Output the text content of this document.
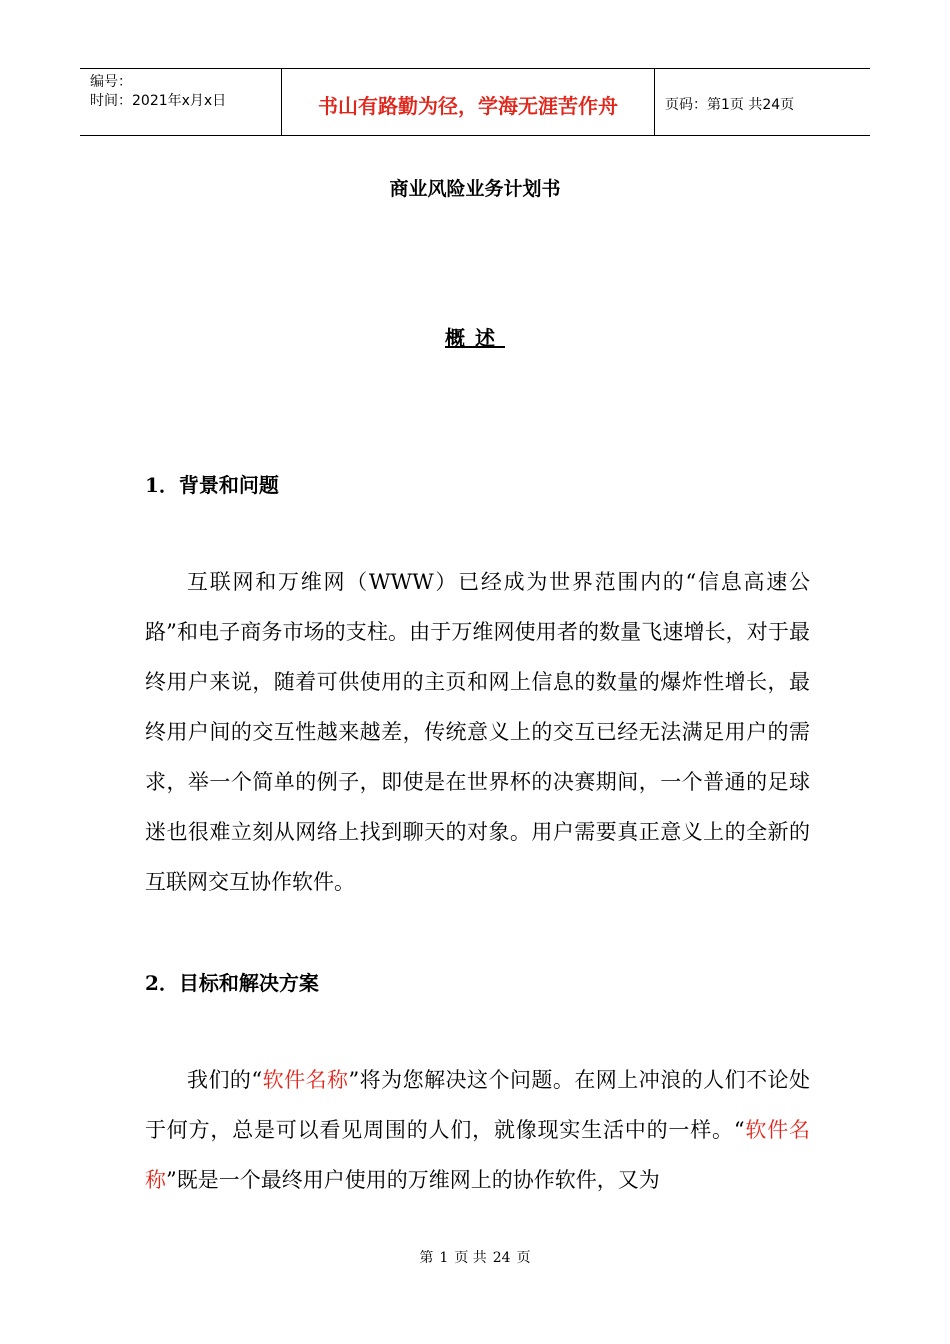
编号：
时间：2021年x月x日	书山有路勤为径，学海无涯苦作舟	页码：第1页 共24页
商业风险业务计划书
概述
1．背景和问题
互联网和万维网（WWW）已经成为世界范围内的“信息高速公路”和电子商务市场的支柱。由于万维网使用者的数量飞速增长，对于最终用户来说，随着可供使用的主页和网上信息的数量的爆炸性增长，最终用户间的交互性越来越差，传统意义上的交互已经无法满足用户的需求，举一个简单的例子，即使是在世界杯的决赛期间，一个普通的足球迷也很难立刻从网络上找到聊天的对象。用户需要真正意义上的全新的互联网交互协作软件。
2．目标和解决方案
我们的“软件名称”将为您解决这个问题。在网上冲浪的人们不论处于何方，总是可以看见周围的人们，就像现实生活中的一样。“软件名称”既是一个最终用户使用的万维网上的协作软件，又为
第 1 页 共 24 页
